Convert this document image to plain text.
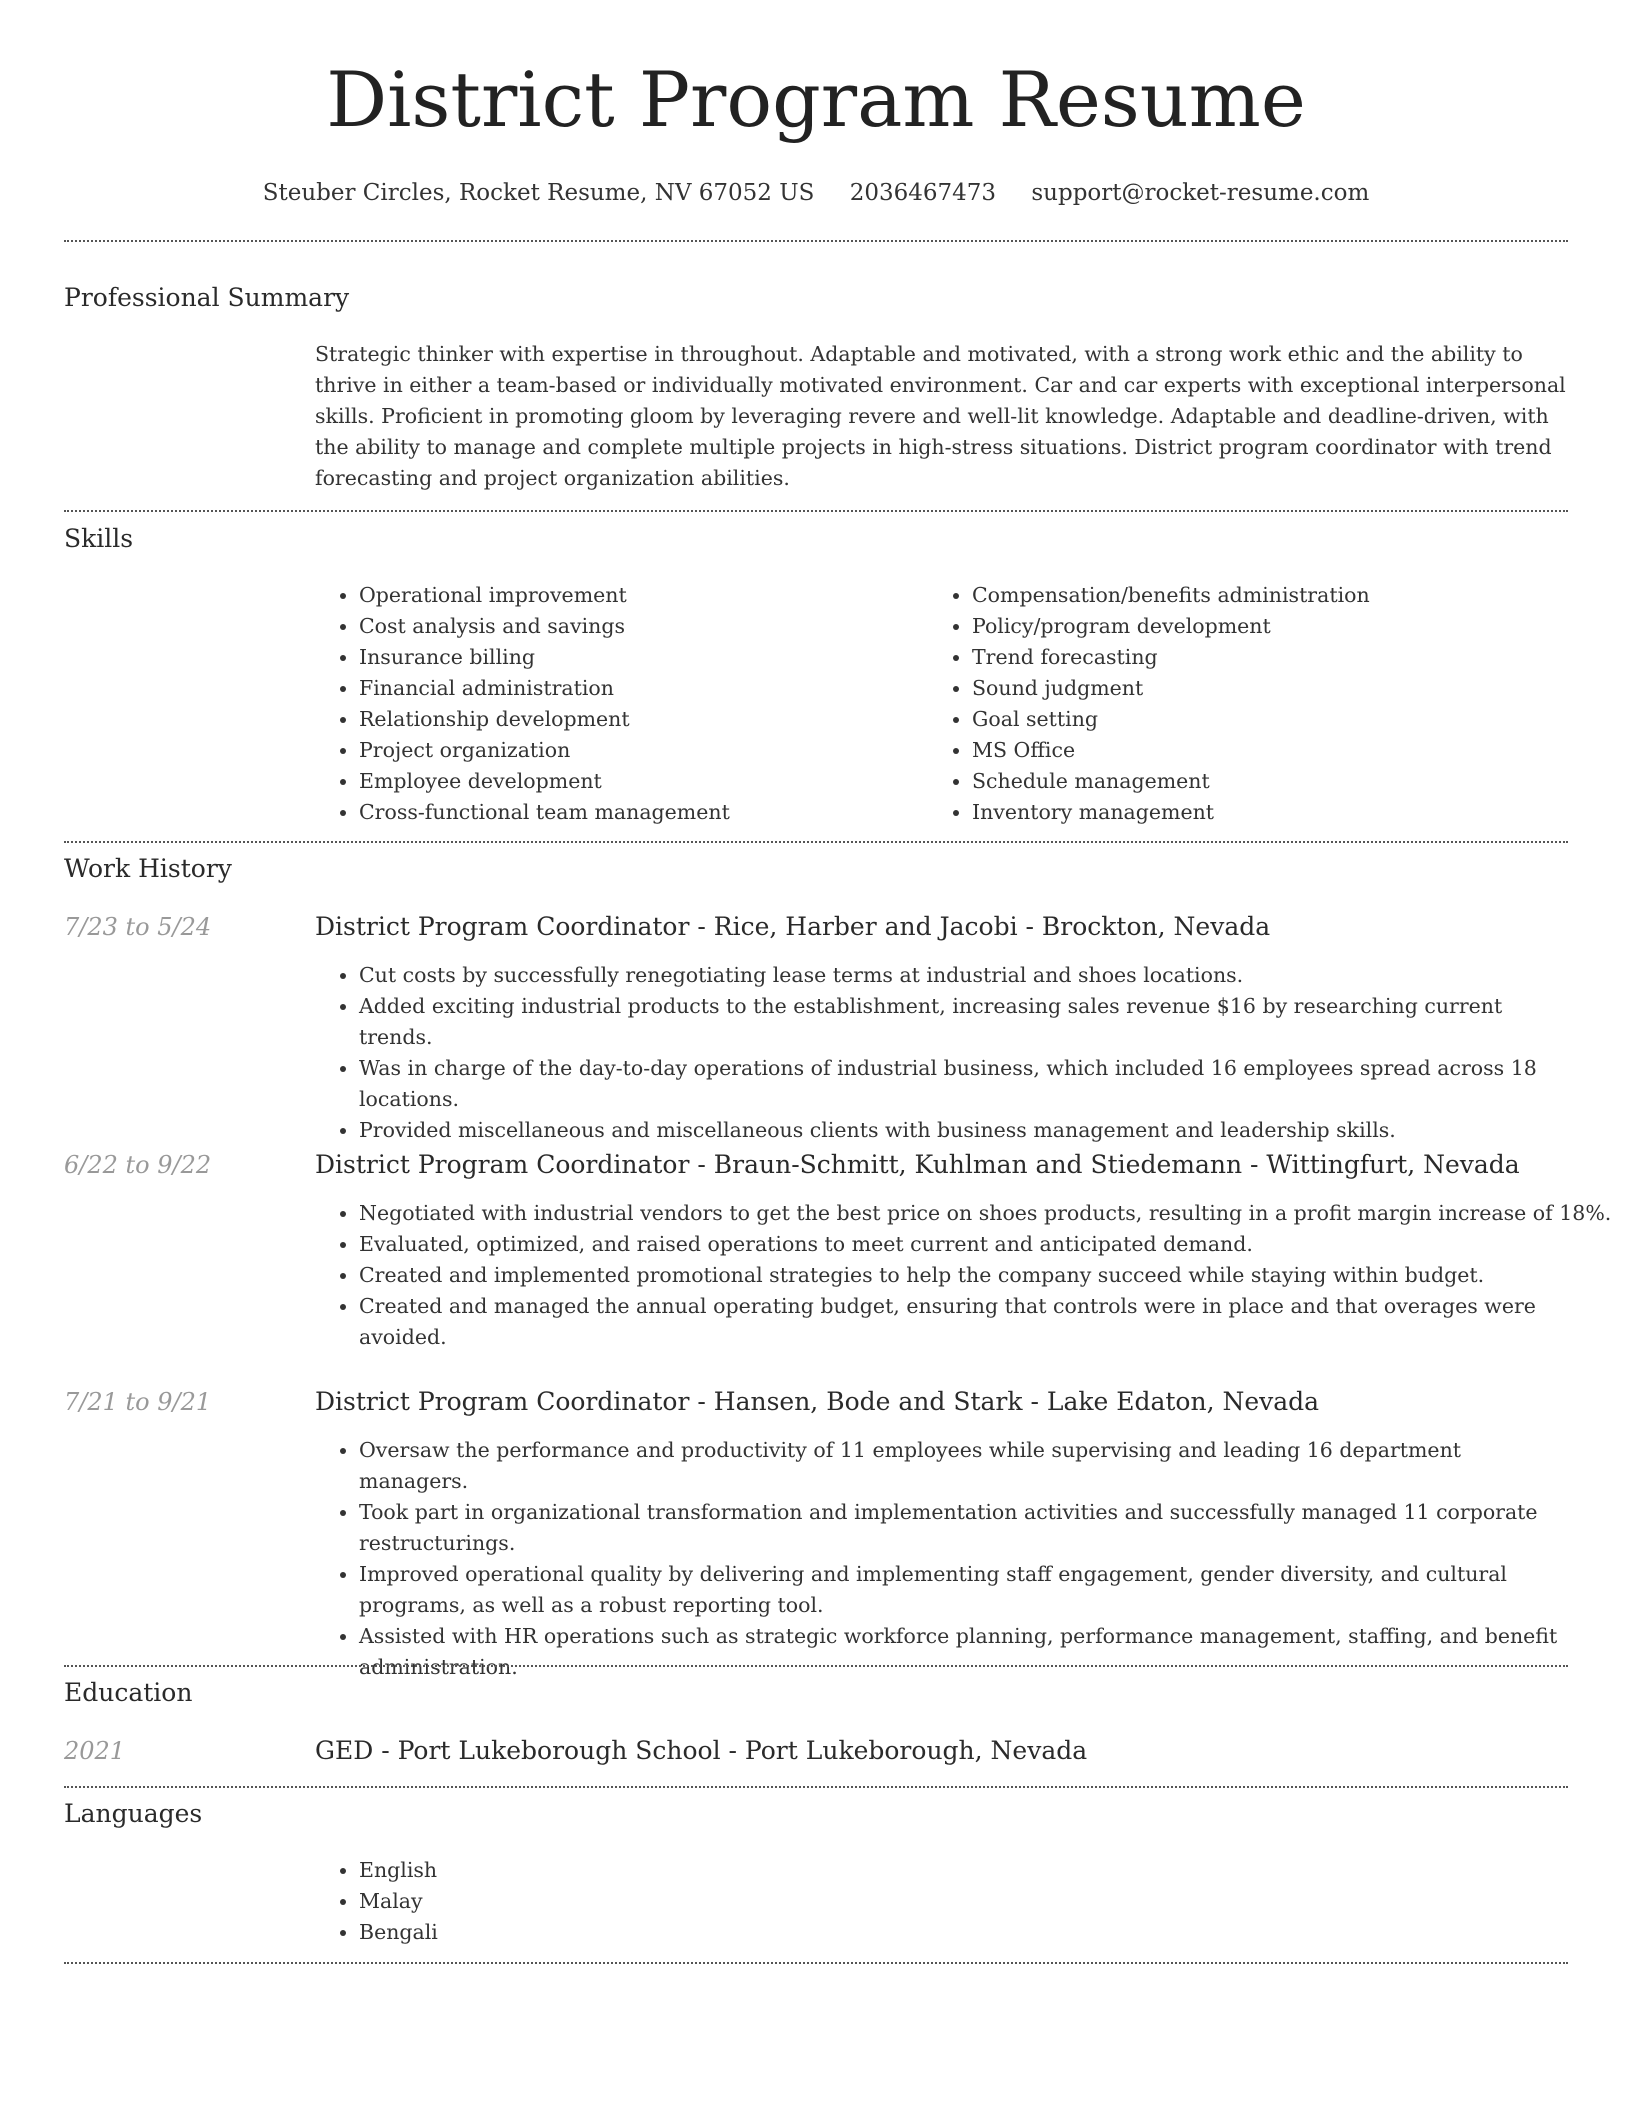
District Program Resume
Steuber Circles, Rocket Resume, NV 67052 US 2036467473 support@rocket-resume.com
Professional Summary
Strategic thinker with expertise in throughout. Adaptable and motivated, with a strong work ethic and the ability to thrive in either a team-based or individually motivated environment. Car and car experts with exceptional interpersonal skills. Proficient in promoting gloom by leveraging revere and well-lit knowledge. Adaptable and deadline-driven, with the ability to manage and complete multiple projects in high-stress situations. District program coordinator with trend forecasting and project organization abilities.
Skills
• Operational improvement
• Cost analysis and savings
• Insurance billing
• Financial administration
• Relationship development
• Project organization
• Employee development
• Cross-functional team management
• Compensation/benefits administration
• Policy/program development
• Trend forecasting
• Sound judgment
• Goal setting
• MS Office
• Schedule management
• Inventory management
Work History
7/23 to 5/24	District Program Coordinator - Rice, Harber and Jacobi - Brockton, Nevada
• Cut costs by successfully renegotiating lease terms at industrial and shoes locations.
• Added exciting industrial products to the establishment, increasing sales revenue $16 by researching current trends.
• Was in charge of the day-to-day operations of industrial business, which included 16 employees spread across 18 locations.
• Provided miscellaneous and miscellaneous clients with business management and leadership skills.
6/22 to 9/22	District Program Coordinator - Braun-Schmitt, Kuhlman and Stiedemann - Wittingfurt, Nevada
• Negotiated with industrial vendors to get the best price on shoes products, resulting in a profit margin increase of 18%.
• Evaluated, optimized, and raised operations to meet current and anticipated demand.
• Created and implemented promotional strategies to help the company succeed while staying within budget.
• Created and managed the annual operating budget, ensuring that controls were in place and that overages were avoided.
7/21 to 9/21	District Program Coordinator - Hansen, Bode and Stark - Lake Edaton, Nevada
• Oversaw the performance and productivity of 11 employees while supervising and leading 16 department managers.
• Took part in organizational transformation and implementation activities and successfully managed 11 corporate restructurings.
• Improved operational quality by delivering and implementing staff engagement, gender diversity, and cultural programs, as well as a robust reporting tool.
• Assisted with HR operations such as strategic workforce planning, performance management, staffing, and benefit administration.
Education
2021	GED - Port Lukeborough School - Port Lukeborough, Nevada
Languages
• English
• Malay
• Bengali
